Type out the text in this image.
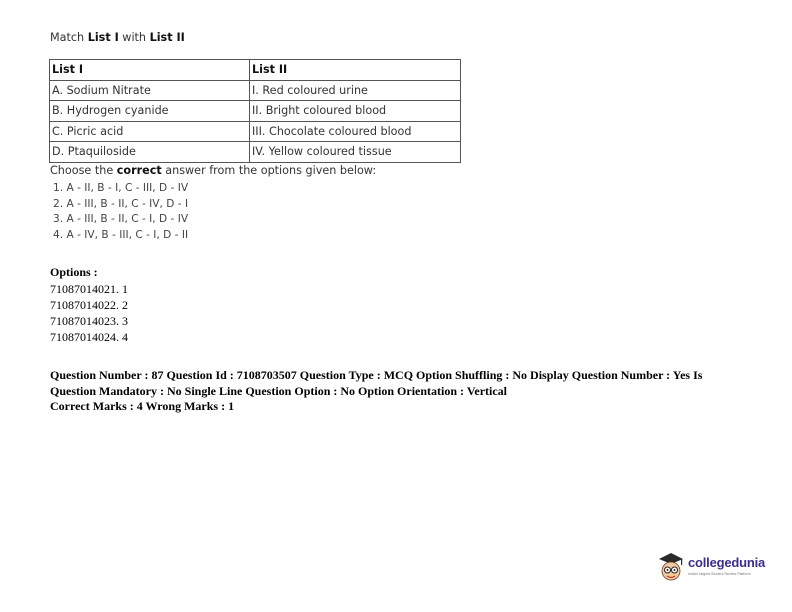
Match List I with List II
List I	List II
A. Sodium Nitrate	I. Red coloured urine
B. Hydrogen cyanide	II. Bright coloured blood
C. Picric acid	III. Chocolate coloured blood
D. Ptaquiloside	IV. Yellow coloured tissue
Choose the correct answer from the options given below:
1. A - II, B - I, C - III, D - IV
2. A - III, B - II, C - IV, D - I
3. A - III, B - II, C - I, D - IV
4. A - IV, B - III, C - I, D - II
Options :
71087014021. 1
71087014022. 2
71087014023. 3
71087014024. 4
Question Number : 87 Question Id : 7108703507 Question Type : MCQ Option Shuffling : No Display Question Number : Yes Is Question Mandatory : No Single Line Question Option : No Option Orientation : Vertical
Correct Marks : 4 Wrong Marks : 1
collegedunia
India's largest Student Review Platform
